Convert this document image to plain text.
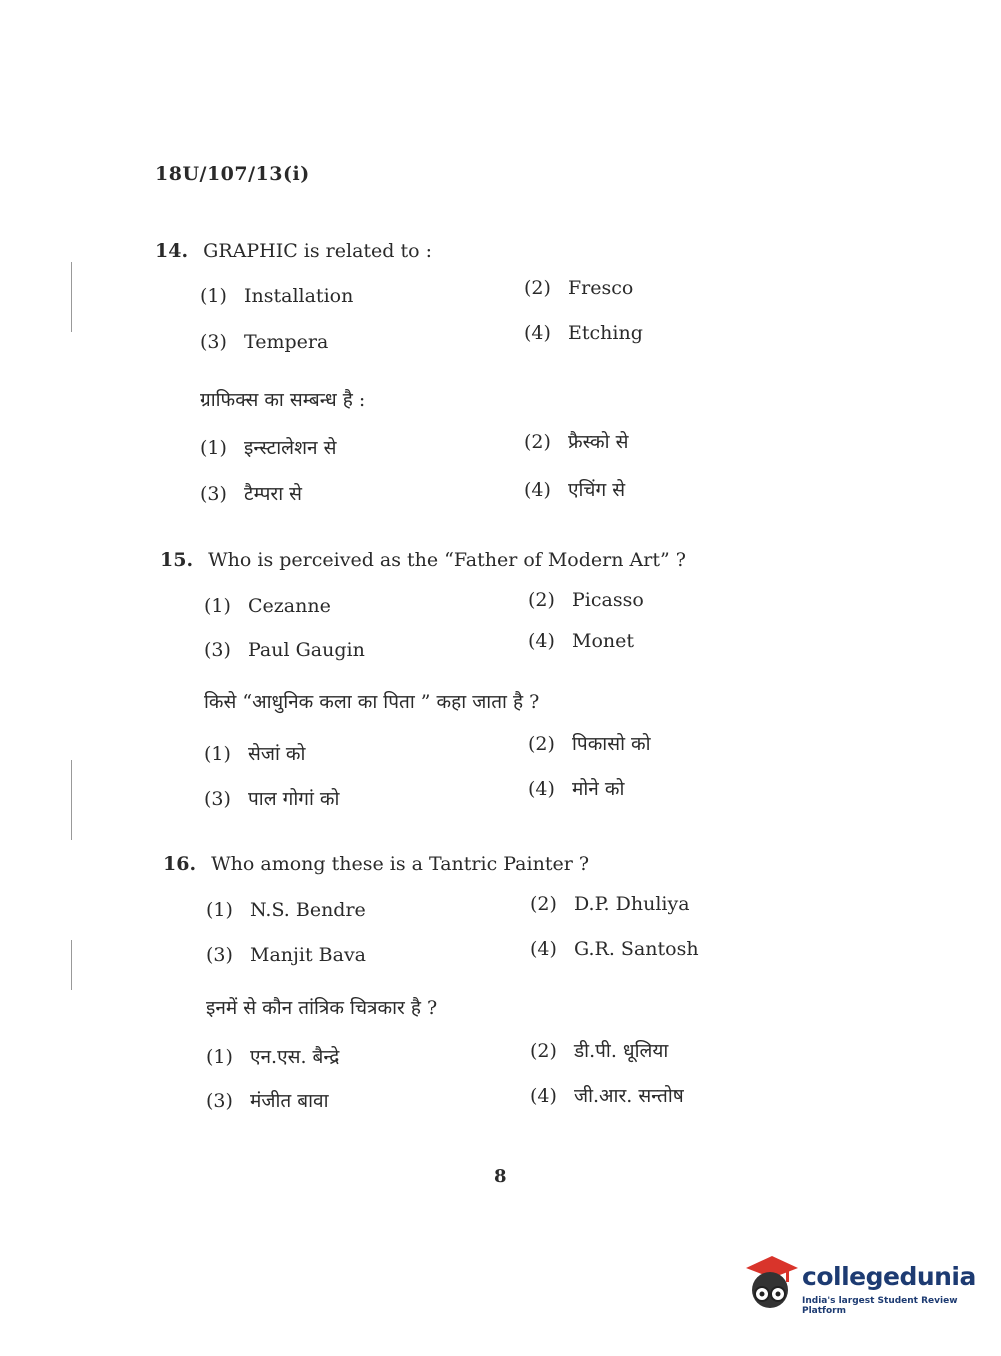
18U/107/13(i)
14. GRAPHIC is related to :
(1) Installation	(2) Fresco
(3) Tempera	(4) Etching
ग्राफिक्स का सम्बन्ध है :
(1) इन्स्टालेशन से	(2) फ्रैस्को से
(3) टैम्परा से	(4) एचिंग से
15. Who is perceived as the “Father of Modern Art” ?
(1) Cezanne	(2) Picasso
(3) Paul Gaugin	(4) Monet
किसे “आधुनिक कला का पिता ” कहा जाता है ?
(1) सेजां को	(2) पिकासो को
(3) पाल गोगां को	(4) मोने को
16. Who among these is a Tantric Painter ?
(1) N.S. Bendre	(2) D.P. Dhuliya
(3) Manjit Bava	(4) G.R. Santosh
इनमें से कौन तांत्रिक चित्रकार है ?
(1) एन.एस. बैन्द्रे	(2) डी.पी. धूलिया
(3) मंजीत बावा	(4) जी.आर. सन्तोष
8
collegedunia
India's largest Student Review Platform
